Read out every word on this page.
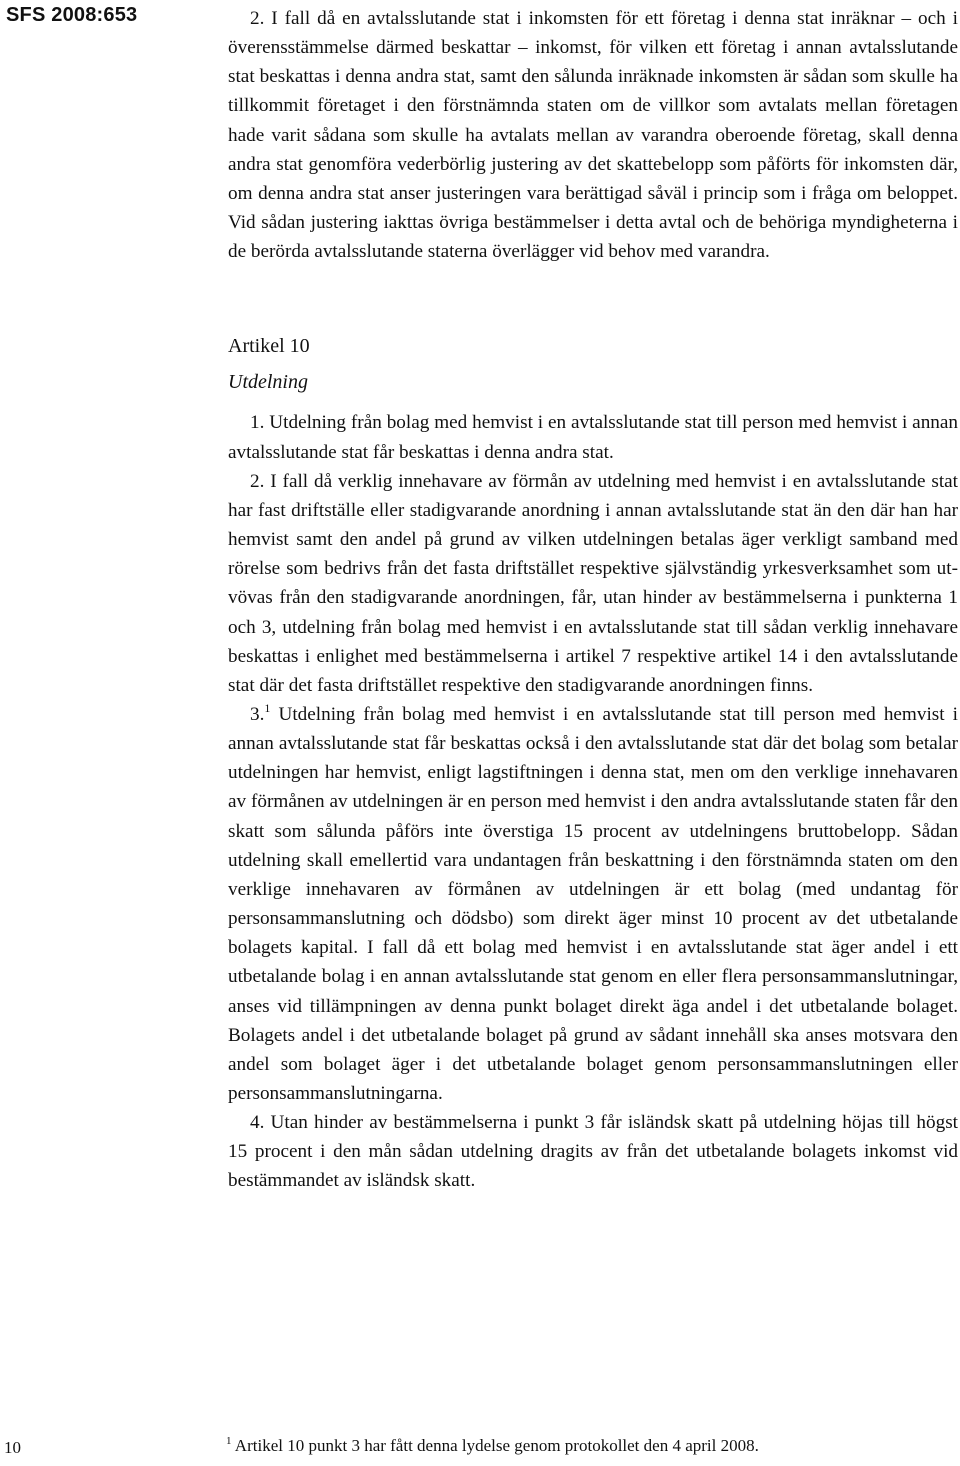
SFS 2008:653	2. I fall då en avtalsslutande stat i inkomsten för ett företag i denna stat inräknar – och i överensstämmelse därmed beskattar – inkomst, för vilken ett företag i annan avtalsslutande stat beskattas i denna andra stat, samt den sålunda inräknade inkomsten är sådan som skulle ha tillkommit företaget i den förstnämnda staten om de villkor som avtalats mellan företagen hade varit sådana som skulle ha avtalats mellan av varandra oberoende företag, skall denna andra stat genomföra vederbörlig justering av det skattebelopp som påförts för inkomsten där, om denna andra stat anser justeringen vara berättigad såväl i princip som i fråga om beloppet. Vid sådan justering iakttas övriga bestämmelser i detta avtal och de behöriga myndigheterna i de berörda avtalsslutande staterna överlägger vid behov med varandra.

Artikel 10
Utdelning

1. Utdelning från bolag med hemvist i en avtalsslutande stat till person med hemvist i annan avtalsslutande stat får beskattas i denna andra stat.

2. I fall då verklig innehavare av förmån av utdelning med hemvist i en avtalsslutande stat har fast driftställe eller stadigvarande anordning i annan avtalsslutande stat än den där han har hemvist samt den andel på grund av vilken utdelningen betalas äger verkligt samband med rörelse som bedrivs från det fasta driftstället respektive självständig yrkesverksamhet som utvövas från den stadigvarande anordningen, får, utan hinder av bestämmelserna i punkterna 1 och 3, utdelning från bolag med hemvist i en avtalsslutande stat till sådan verklig innehavare beskattas i enlighet med bestämmelserna i artikel 7 respektive artikel 14 i den avtalsslutande stat där det fasta driftstället respektive den stadigvarande anordningen finns.

3.$^1$ Utdelning från bolag med hemvist i en avtalsslutande stat till person med hemvist i annan avtalsslutande stat får beskattas också i den avtalsslutande stat där det bolag som betalar utdelningen har hemvist, enligt lagstiftningen i denna stat, men om den verklige innehavaren av förmånen av utdelningen är en person med hemvist i den andra avtalsslutande staten får den skatt som sålunda påförs inte överstiga 15 procent av utdelningens bruttobelopp. Sådan utdelning skall emellertid vara undantagen från beskattning i den förstnämnda staten om den verklige innehavaren av förmånen av utdelningen är ett bolag (med undantag för personsammanslutning och dödsbo) som direkt äger minst 10 procent av det utbetalande bolagets kapital. I fall då ett bolag med hemvist i en avtalsslutande stat äger andel i ett utbetalande bolag i en annan avtalsslutande stat genom en eller flera personsammanslutningar, anses vid tillämpningen av denna punkt bolaget direkt äga andel i det utbetalande bolaget. Bolagets andel i det utbetalande bolaget på grund av sådant innehåll ska anses motsvara den andel som bolaget äger i det utbetalande bolaget genom personsammanslutningen eller personsammanslutningarna.

4. Utan hinder av bestämmelserna i punkt 3 får isländsk skatt på utdelning höjas till högst 15 procent i den mån sådan utdelning dragits av från det utbetalande bolagets inkomst vid bestämmandet av isländsk skatt.

10	$^1$ Artikel 10 punkt 3 har fått denna lydelse genom protokollet den 4 april 2008.
